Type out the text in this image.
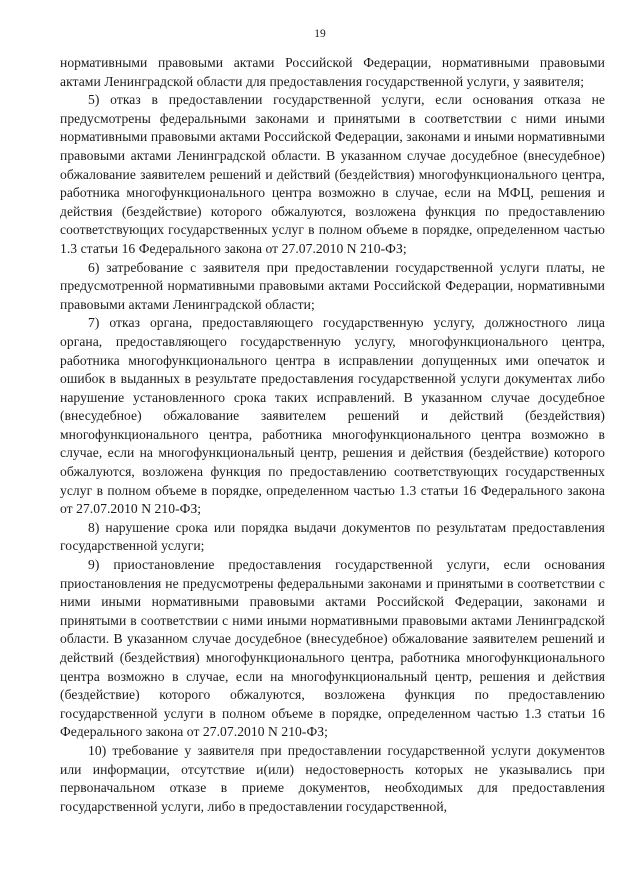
19

нормативными правовыми актами Российской Федерации, нормативными правовыми актами Ленинградской области для предоставления государственной услуги, у заявителя;

5) отказ в предоставлении государственной услуги, если основания отказа не предусмотрены федеральными законами и принятыми в соответствии с ними иными нормативными правовыми актами Российской Федерации, законами и иными нормативными правовыми актами Ленинградской области. В указанном случае досудебное (внесудебное) обжалование заявителем решений и действий (бездействия) многофункционального центра, работника многофункционального центра возможно в случае, если на МФЦ, решения и действия (бездействие) которого обжалуются, возложена функция по предоставлению соответствующих государственных услуг в полном объеме в порядке, определенном частью 1.3 статьи 16 Федерального закона от 27.07.2010 N 210-ФЗ;

6) затребование с заявителя при предоставлении государственной услуги платы, не предусмотренной нормативными правовыми актами Российской Федерации, нормативными правовыми актами Ленинградской области;

7) отказ органа, предоставляющего государственную услугу, должностного лица органа, предоставляющего государственную услугу, многофункционального центра, работника многофункционального центра в исправлении допущенных ими опечаток и ошибок в выданных в результате предоставления государственной услуги документах либо нарушение установленного срока таких исправлений. В указанном случае досудебное (внесудебное) обжалование заявителем решений и действий (бездействия) многофункционального центра, работника многофункционального центра возможно в случае, если на многофункциональный центр, решения и действия (бездействие) которого обжалуются, возложена функция по предоставлению соответствующих государственных услуг в полном объеме в порядке, определенном частью 1.3 статьи 16 Федерального закона от 27.07.2010 N 210-ФЗ;

8) нарушение срока или порядка выдачи документов по результатам предоставления государственной услуги;

9) приостановление предоставления государственной услуги, если основания приостановления не предусмотрены федеральными законами и принятыми в соответствии с ними иными нормативными правовыми актами Российской Федерации, законами и принятыми в соответствии с ними иными нормативными правовыми актами Ленинградской области. В указанном случае досудебное (внесудебное) обжалование заявителем решений и действий (бездействия) многофункционального центра, работника многофункционального центра возможно в случае, если на многофункциональный центр, решения и действия (бездействие) которого обжалуются, возложена функция по предоставлению государственной услуги в полном объеме в порядке, определенном частью 1.3 статьи 16 Федерального закона от 27.07.2010 N 210-ФЗ;

10) требование у заявителя при предоставлении государственной услуги документов или информации, отсутствие и(или) недостоверность которых не указывались при первоначальном отказе в приеме документов, необходимых для предоставления государственной услуги, либо в предоставлении государственной,
